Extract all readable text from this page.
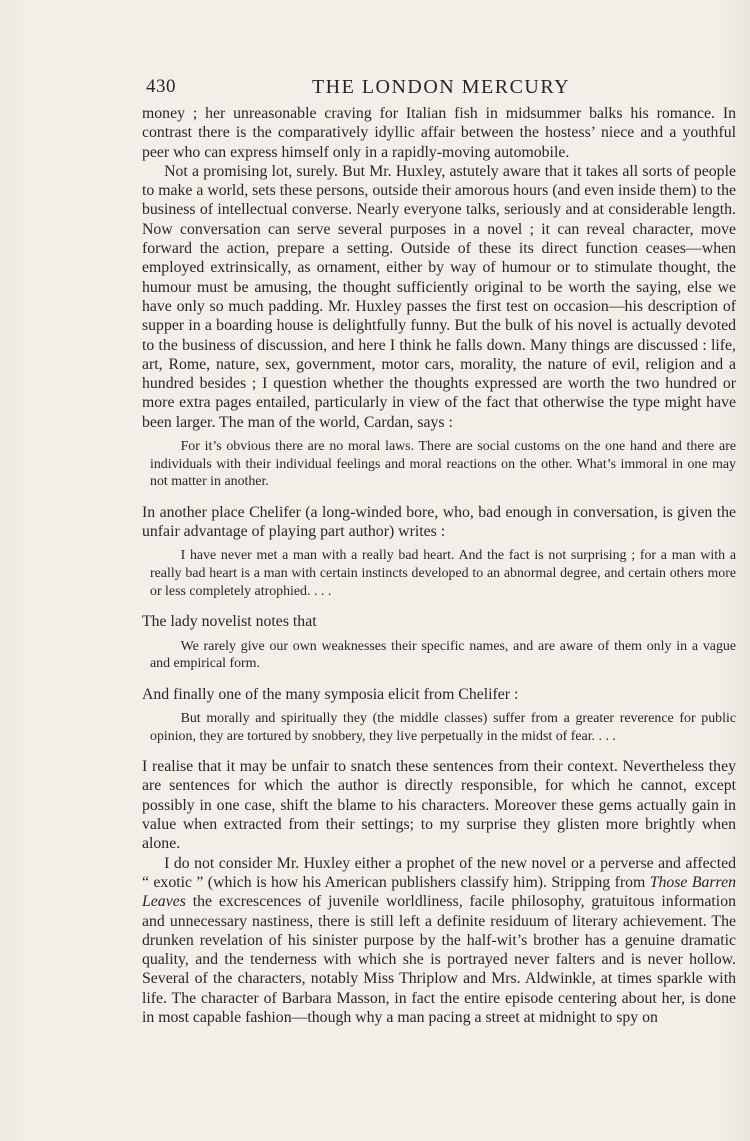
430	THE LONDON MERCURY

money ; her unreasonable craving for Italian fish in midsummer balks his romance. In contrast there is the comparatively idyllic affair between the hostess’ niece and a youthful peer who can express himself only in a rapidly-moving automobile.

Not a promising lot, surely. But Mr. Huxley, astutely aware that it takes all sorts of people to make a world, sets these persons, outside their amorous hours (and even inside them) to the business of intellectual converse. Nearly everyone talks, seriously and at considerable length. Now conversation can serve several purposes in a novel ; it can reveal character, move forward the action, prepare a setting. Outside of these its direct function ceases—when employed extrinsically, as ornament, either by way of humour or to stimulate thought, the humour must be amusing, the thought sufficiently original to be worth the saying, else we have only so much padding. Mr. Huxley passes the first test on occasion—his description of supper in a boarding house is delightfully funny. But the bulk of his novel is actually devoted to the business of discussion, and here I think he falls down. Many things are discussed : life, art, Rome, nature, sex, government, motor cars, morality, the nature of evil, religion and a hundred besides ; I question whether the thoughts expressed are worth the two hundred or more extra pages entailed, particularly in view of the fact that otherwise the type might have been larger. The man of the world, Cardan, says :

For it’s obvious there are no moral laws. There are social customs on the one hand and there are individuals with their individual feelings and moral reactions on the other. What’s immoral in one may not matter in another.

In another place Chelifer (a long-winded bore, who, bad enough in conversation, is given the unfair advantage of playing part author) writes :

I have never met a man with a really bad heart. And the fact is not surprising ; for a man with a really bad heart is a man with certain instincts developed to an abnormal degree, and certain others more or less completely atrophied. . . .

The lady novelist notes that

We rarely give our own weaknesses their specific names, and are aware of them only in a vague and empirical form.

And finally one of the many symposia elicit from Chelifer :

But morally and spiritually they (the middle classes) suffer from a greater reverence for public opinion, they are tortured by snobbery, they live perpetually in the midst of fear. . . .

I realise that it may be unfair to snatch these sentences from their context. Nevertheless they are sentences for which the author is directly responsible, for which he cannot, except possibly in one case, shift the blame to his characters. Moreover these gems actually gain in value when extracted from their settings; to my surprise they glisten more brightly when alone.

I do not consider Mr. Huxley either a prophet of the new novel or a perverse and affected “ exotic ” (which is how his American publishers classify him). Stripping from Those Barren Leaves the excrescences of juvenile worldliness, facile philosophy, gratuitous information and unnecessary nastiness, there is still left a definite residuum of literary achievement. The drunken revelation of his sinister purpose by the half-wit’s brother has a genuine dramatic quality, and the tenderness with which she is portrayed never falters and is never hollow. Several of the characters, notably Miss Thriplow and Mrs. Aldwinkle, at times sparkle with life. The character of Barbara Masson, in fact the entire episode centering about her, is done in most capable fashion—though why a man pacing a street at midnight to spy on
